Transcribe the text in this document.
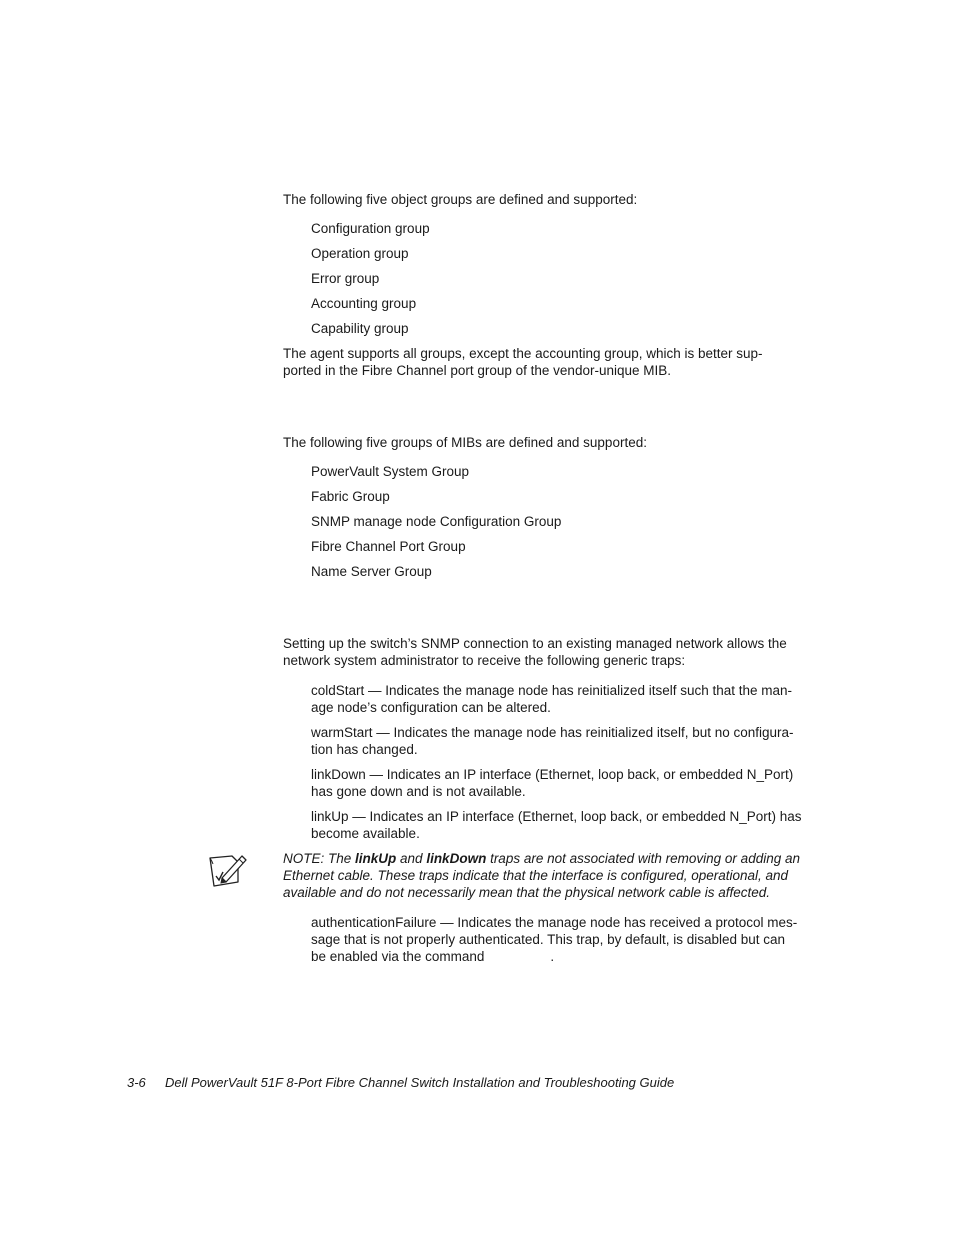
The following five object groups are defined and supported:

Configuration group

Operation group

Error group

Accounting group

Capability group

The agent supports all groups, except the accounting group, which is better sup-
ported in the Fibre Channel port group of the vendor-unique MIB.

The following five groups of MIBs are defined and supported:

PowerVault System Group

Fabric Group

SNMP manage node Configuration Group

Fibre Channel Port Group

Name Server Group

Setting up the switch’s SNMP connection to an existing managed network allows the
network system administrator to receive the following generic traps:

coldStart — Indicates the manage node has reinitialized itself such that the man-
age node’s configuration can be altered.

warmStart — Indicates the manage node has reinitialized itself, but no configura-
tion has changed.

linkDown — Indicates an IP interface (Ethernet, loop back, or embedded N_Port)
has gone down and is not available.

linkUp — Indicates an IP interface (Ethernet, loop back, or embedded N_Port) has
become available.

NOTE: The linkUp and linkDown traps are not associated with removing or adding an
Ethernet cable. These traps indicate that the interface is configured, operational, and
available and do not necessarily mean that the physical network cable is affected.

authenticationFailure — Indicates the manage node has received a protocol mes-
sage that is not properly authenticated. This trap, by default, is disabled but can
be enabled via the command	.

3-6 Dell PowerVault 51F 8-Port Fibre Channel Switch Installation and Troubleshooting Guide
